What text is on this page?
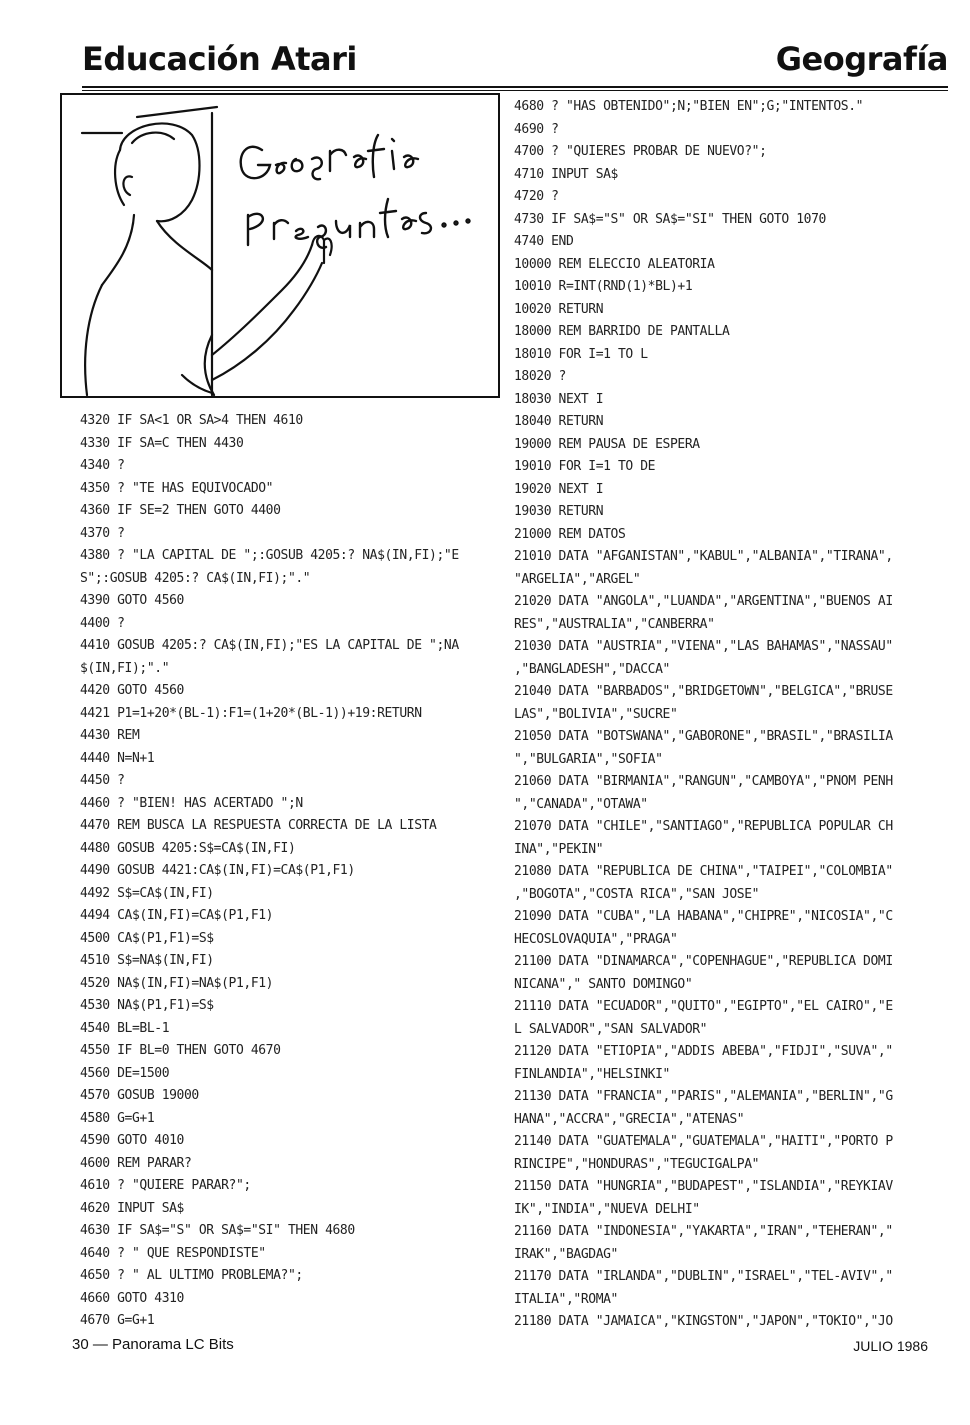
Educación Atari	Geografía
4320 IF SA<1 OR SA>4 THEN 4610
4330 IF SA=C THEN 4430
4340 ?
4350 ? "TE HAS EQUIVOCADO"
4360 IF SE=2 THEN GOTO 4400
4370 ?
4380 ? "LA CAPITAL DE ";:GOSUB 4205:? NA$(IN,FI);"E
S";:GOSUB 4205:? CA$(IN,FI);"."
4390 GOTO 4560
4400 ?
4410 GOSUB 4205:? CA$(IN,FI);"ES LA CAPITAL DE ";NA
$(IN,FI);"."
4420 GOTO 4560
4421 P1=1+20*(BL-1):F1=(1+20*(BL-1))+19:RETURN
4430 REM
4440 N=N+1
4450 ?
4460 ? "BIEN! HAS ACERTADO ";N
4470 REM BUSCA LA RESPUESTA CORRECTA DE LA LISTA
4480 GOSUB 4205:S$=CA$(IN,FI)
4490 GOSUB 4421:CA$(IN,FI)=CA$(P1,F1)
4492 S$=CA$(IN,FI)
4494 CA$(IN,FI)=CA$(P1,F1)
4500 CA$(P1,F1)=S$
4510 S$=NA$(IN,FI)
4520 NA$(IN,FI)=NA$(P1,F1)
4530 NA$(P1,F1)=S$
4540 BL=BL-1
4550 IF BL=0 THEN GOTO 4670
4560 DE=1500
4570 GOSUB 19000
4580 G=G+1
4590 GOTO 4010
4600 REM PARAR?
4610 ? "QUIERE PARAR?";
4620 INPUT SA$
4630 IF SA$="S" OR SA$="SI" THEN 4680
4640 ? " QUE RESPONDISTE"
4650 ? " AL ULTIMO PROBLEMA?";
4660 GOTO 4310
4670 G=G+1
4680 ? "HAS OBTENIDO";N;"BIEN EN";G;"INTENTOS."
4690 ?
4700 ? "QUIERES PROBAR DE NUEVO?";
4710 INPUT SA$
4720 ?
4730 IF SA$="S" OR SA$="SI" THEN GOTO 1070
4740 END
10000 REM ELECCIO ALEATORIA
10010 R=INT(RND(1)*BL)+1
10020 RETURN
18000 REM BARRIDO DE PANTALLA
18010 FOR I=1 TO L
18020 ?
18030 NEXT I
18040 RETURN
19000 REM PAUSA DE ESPERA
19010 FOR I=1 TO DE
19020 NEXT I
19030 RETURN
21000 REM DATOS
21010 DATA "AFGANISTAN","KABUL","ALBANIA","TIRANA",
"ARGELIA","ARGEL"
21020 DATA "ANGOLA","LUANDA","ARGENTINA","BUENOS AI
RES","AUSTRALIA","CANBERRA"
21030 DATA "AUSTRIA","VIENA","LAS BAHAMAS","NASSAU"
,"BANGLADESH","DACCA"
21040 DATA "BARBADOS","BRIDGETOWN","BELGICA","BRUSE
LAS","BOLIVIA","SUCRE"
21050 DATA "BOTSWANA","GABORONE","BRASIL","BRASILIA
","BULGARIA","SOFIA"
21060 DATA "BIRMANIA","RANGUN","CAMBOYA","PNOM PENH
","CANADA","OTAWA"
21070 DATA "CHILE","SANTIAGO","REPUBLICA POPULAR CH
INA","PEKIN"
21080 DATA "REPUBLICA DE CHINA","TAIPEI","COLOMBIA"
,"BOGOTA","COSTA RICA","SAN JOSE"
21090 DATA "CUBA","LA HABANA","CHIPRE","NICOSIA","C
HECOSLOVAQUIA","PRAGA"
21100 DATA "DINAMARCA","COPENHAGUE","REPUBLICA DOMI
NICANA"," SANTO DOMINGO"
21110 DATA "ECUADOR","QUITO","EGIPTO","EL CAIRO","E
L SALVADOR","SAN SALVADOR"
21120 DATA "ETIOPIA","ADDIS ABEBA","FIDJI","SUVA","
FINLANDIA","HELSINKI"
21130 DATA "FRANCIA","PARIS","ALEMANIA","BERLIN","G
HANA","ACCRA","GRECIA","ATENAS"
21140 DATA "GUATEMALA","GUATEMALA","HAITI","PORTO P
RINCIPE","HONDURAS","TEGUCIGALPA"
21150 DATA "HUNGRIA","BUDAPEST","ISLANDIA","REYKIAV
IK","INDIA","NUEVA DELHI"
21160 DATA "INDONESIA","YAKARTA","IRAN","TEHERAN","
IRAK","BAGDAG"
21170 DATA "IRLANDA","DUBLIN","ISRAEL","TEL-AVIV","
ITALIA","ROMA"
21180 DATA "JAMAICA","KINGSTON","JAPON","TOKIO","JO
30 — Panorama LC Bits	JULIO 1986
